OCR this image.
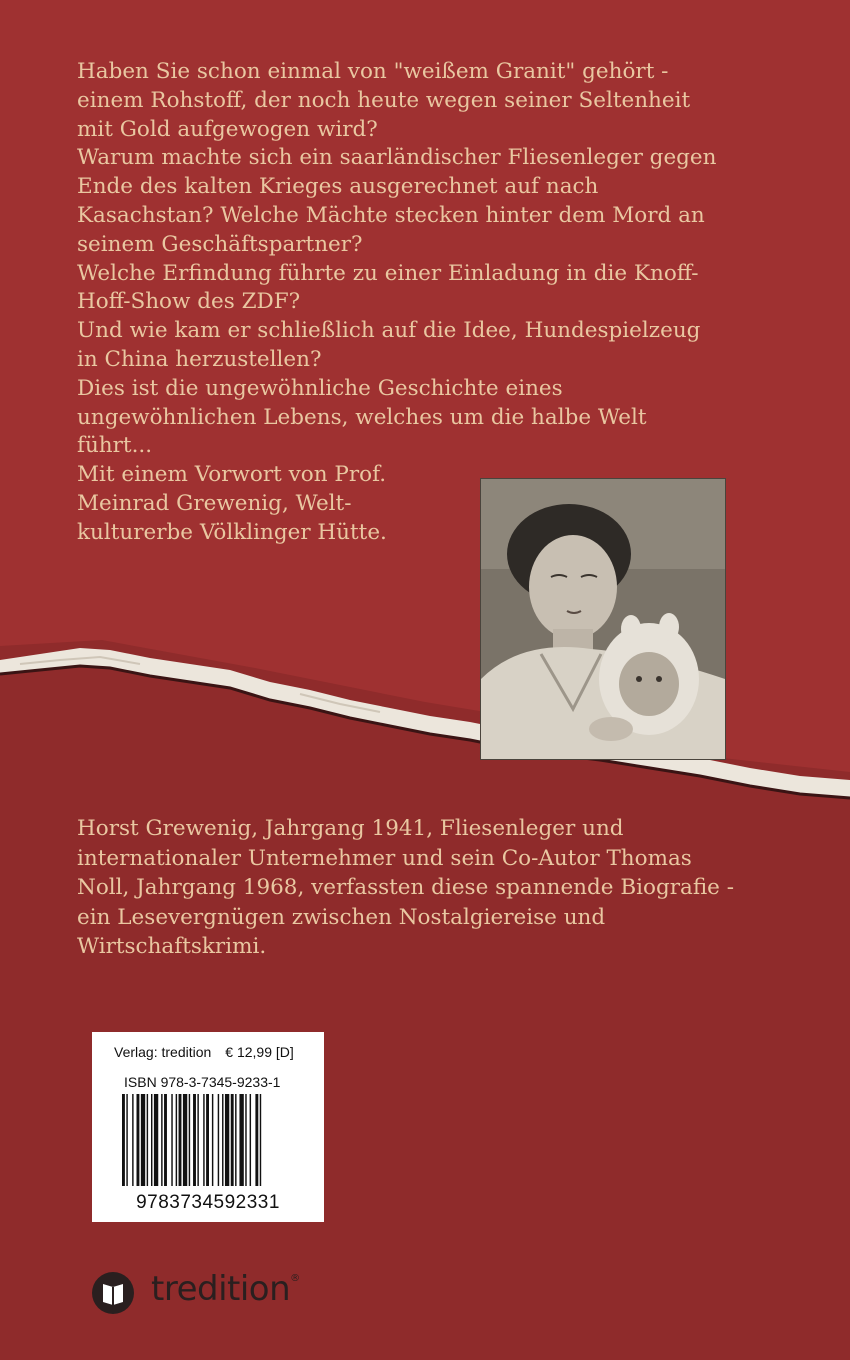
Haben Sie schon einmal von "weißem Granit" gehört -

einem Rohstoff, der noch heute wegen seiner Seltenheit

mit Gold aufgewogen wird?

Warum machte sich ein saarländischer Fliesenleger gegen

Ende des kalten Krieges ausgerechnet auf nach

Kasachstan? Welche Mächte stecken hinter dem Mord an

seinem Geschäftspartner?

Welche Erfindung führte zu einer Einladung in die Knoff-

Hoff-Show des ZDF?

Und wie kam er schließlich auf die Idee, Hundespielzeug

in China herzustellen?

Dies ist die ungewöhnliche Geschichte eines

ungewöhnlichen Lebens, welches um die halbe Welt

führt...

Mit einem Vorwort von Prof.

Meinrad Grewenig, Welt-

kulturerbe Völklinger Hütte.

Horst Grewenig, Jahrgang 1941, Fliesenleger und

internationaler Unternehmer und sein Co-Autor Thomas

Noll, Jahrgang 1968, verfassten diese spannende Biografie -

ein Lesevergnügen zwischen Nostalgiereise und

Wirtschaftskrimi.

Verlag: tredition € 12,99 [D]
ISBN 978-3-7345-9233-1
9783734592331
tredition®
